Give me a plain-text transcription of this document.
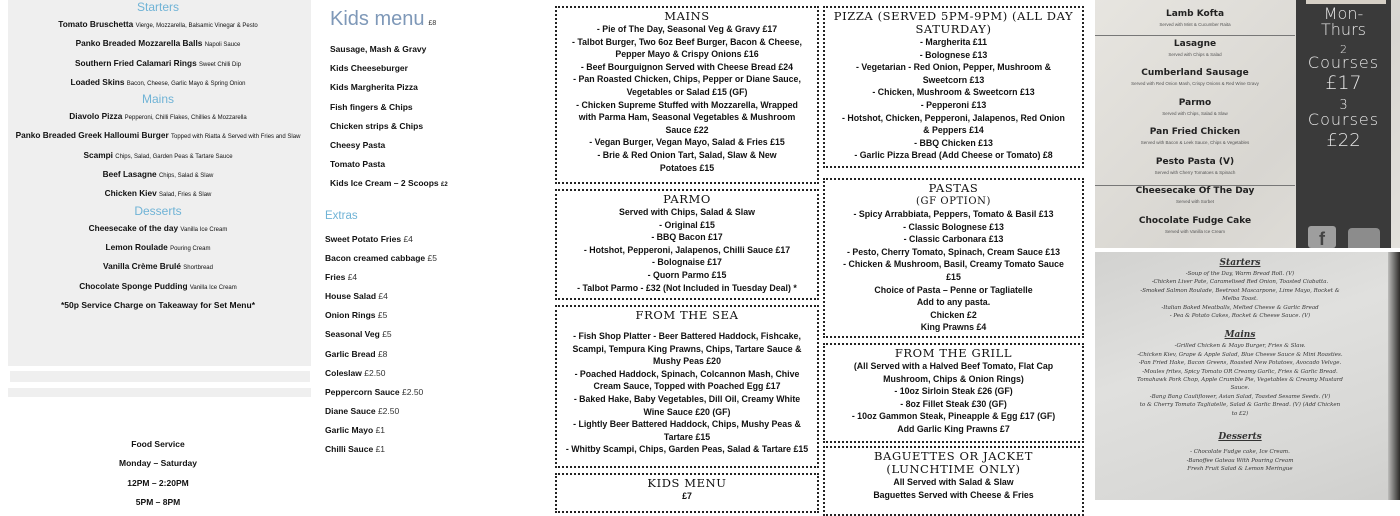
Starters
Tomato Bruschetta Vierge, Mozzarella, Balsamic Vinegar & Pesto
Panko Breaded Mozzarella Balls Napoli Sauce
Southern Fried Calamari Rings Sweet Chilli Dip
Loaded Skins Bacon, Cheese, Garlic Mayo & Spring Onion
Mains
Diavolo Pizza Pepperoni, Chilli Flakes, Chillies & Mozzarella
Panko Breaded Greek Halloumi Burger Topped with Riatta & Served with Fries and Slaw
Scampi Chips, Salad, Garden Peas & Tartare Sauce
Beef Lasagne Chips, Salad & Slaw
Chicken Kiev Salad, Fries & Slaw
Desserts
Cheesecake of the day Vanilla Ice Cream
Lemon Roulade Pouring Cream
Vanilla Crème Brulé Shortbread
Chocolate Sponge Pudding Vanilla Ice Cream
*50p Service Charge on Takeaway for Set Menu*
Food Service
Monday – Saturday
12PM – 2:20PM
5PM – 8PM
Kids menu £8
Sausage, Mash & Gravy
Kids Cheeseburger
Kids Margherita Pizza
Fish fingers & Chips
Chicken strips & Chips
Cheesy Pasta
Tomato Pasta
Kids Ice Cream – 2 Scoops £2
Extras
Sweet Potato Fries £4
Bacon creamed cabbage £5
Fries £4
House Salad £4
Onion Rings £5
Seasonal Veg £5
Garlic Bread £8
Coleslaw £2.50
Peppercorn Sauce £2.50
Diane Sauce £2.50
Garlic Mayo £1
Chilli Sauce £1
MAINS
- Pie of The Day, Seasonal Veg & Gravy £17
- Talbot Burger, Two 6oz Beef Burger, Bacon & Cheese,
Pepper Mayo & Crispy Onions £16
- Beef Bourguignon Served with Cheese Bread £24
- Pan Roasted Chicken, Chips, Pepper or Diane Sauce,
Vegetables or Salad £15 (GF)
- Chicken Supreme Stuffed with Mozzarella, Wrapped
with Parma Ham, Seasonal Vegetables & Mushroom
Sauce £22
- Vegan Burger, Vegan Mayo, Salad & Fries £15
- Brie & Red Onion Tart, Salad, Slaw & New
Potatoes £15
PARMO
Served with Chips, Salad & Slaw
- Original £15
- BBQ Bacon £17
- Hotshot, Pepperoni, Jalapenos, Chilli Sauce £17
- Bolognaise £17
- Quorn Parmo £15
- Talbot Parmo - £32 (Not Included in Tuesday Deal) *
FROM THE SEA
- Fish Shop Platter - Beer Battered Haddock, Fishcake,
Scampi, Tempura King Prawns, Chips, Tartare Sauce &
Mushy Peas £20
- Poached Haddock, Spinach, Colcannon Mash, Chive
Cream Sauce, Topped with Poached Egg £17
- Baked Hake, Baby Vegetables, Dill Oil, Creamy White
Wine Sauce £20 (GF)
- Lightly Beer Battered Haddock, Chips, Mushy Peas &
Tartare £15
- Whitby Scampi, Chips, Garden Peas, Salad & Tartare £15
KIDS MENU
£7
PIZZA (SERVED 5PM-9PM) (ALL DAY SATURDAY)
- Margherita £11
- Bolognese £13
- Vegetarian - Red Onion, Pepper, Mushroom &
Sweetcorn £13
- Chicken, Mushroom & Sweetcorn £13
- Pepperoni £13
- Hotshot, Chicken, Pepperoni, Jalapenos, Red Onion
& Peppers £14
- BBQ Chicken £13
- Garlic Pizza Bread (Add Cheese or Tomato) £8
PASTAS
(GF OPTION)
- Spicy Arrabbiata, Peppers, Tomato & Basil £13
- Classic Bolognese £13
- Classic Carbonara £13
- Pesto, Cherry Tomato, Spinach, Cream Sauce £13
- Chicken & Mushroom, Basil, Creamy Tomato Sauce
£15
Choice of Pasta – Penne or Tagliatelle
Add to any pasta.
Chicken £2
King Prawns £4
FROM THE GRILL
(All Served with a Halved Beef Tomato, Flat Cap
Mushroom, Chips & Onion Rings)
- 10oz Sirloin Steak £26 (GF)
- 8oz Fillet Steak £30 (GF)
- 10oz Gammon Steak, Pineapple & Egg £17 (GF)
Add Garlic King Prawns £7
BAGUETTES OR JACKET (LUNCHTIME ONLY)
All Served with Salad & Slaw
Baguettes Served with Cheese & Fries
Lamb Kofta
Served with Mint & Cucumber Raita
Lasagne
Served with Chips & Salad
Cumberland Sausage
Served with Red Onion Mash, Crispy Onions & Red Wine Gravy
Parmo
Served with Chips, Salad & Slaw
Pan Fried Chicken
Served with Bacon & Leek Sauce, Chips & Vegetables
Pesto Pasta (V)
Served with Cherry Tomatoes & Spinach
Cheesecake Of The Day
Served with Sorbet
Chocolate Fudge Cake
Served with Vanilla Ice Cream
Mon-
Thurs
2
Courses
£17
3
Courses
£22
f
Starters
-Soup of the Day, Warm Bread Roll. (V)
-Chicken Liver Pate, Caramelised Red Onion, Toasted Ciabatta.
-Smoked Salmon Roulade, Beetroot Mascarpone, Lime Mayo, Rocket &
Melba Toast.
-Italian Baked Meatballs, Melted Cheese & Garlic Bread
- Pea & Potato Cakes, Rocket & Cheese Sauce. (V)
Mains
-Grilled Chicken & Mayo Burger, Fries & Slaw.
-Chicken Kiev, Grape & Apple Salad, Blue Cheese Sauce & Mini Roasties.
-Pan Fried Hake, Bacon Greens, Roasted New Potatoes, Avocado Velvge.
-Moules frites, Spicy Tomato OR Creamy Garlic, Fries & Garlic Bread.
Tomahawk Pork Chop, Apple Crumble Pie, Vegetables & Creamy Mustard
Sauce.
-Bang Bang Cauliflower, Asian Salad, Toasted Sesame Seeds. (V)
to & Cherry Tomato Tagliatelle, Salad & Garlic Bread. (V) (Add Chicken
to £2)
Desserts
- Chocolate Fudge cake, Ice Cream.
-Banoffee Gateau With Pouring Cream
Fresh Fruit Salad & Lemon Meringue
